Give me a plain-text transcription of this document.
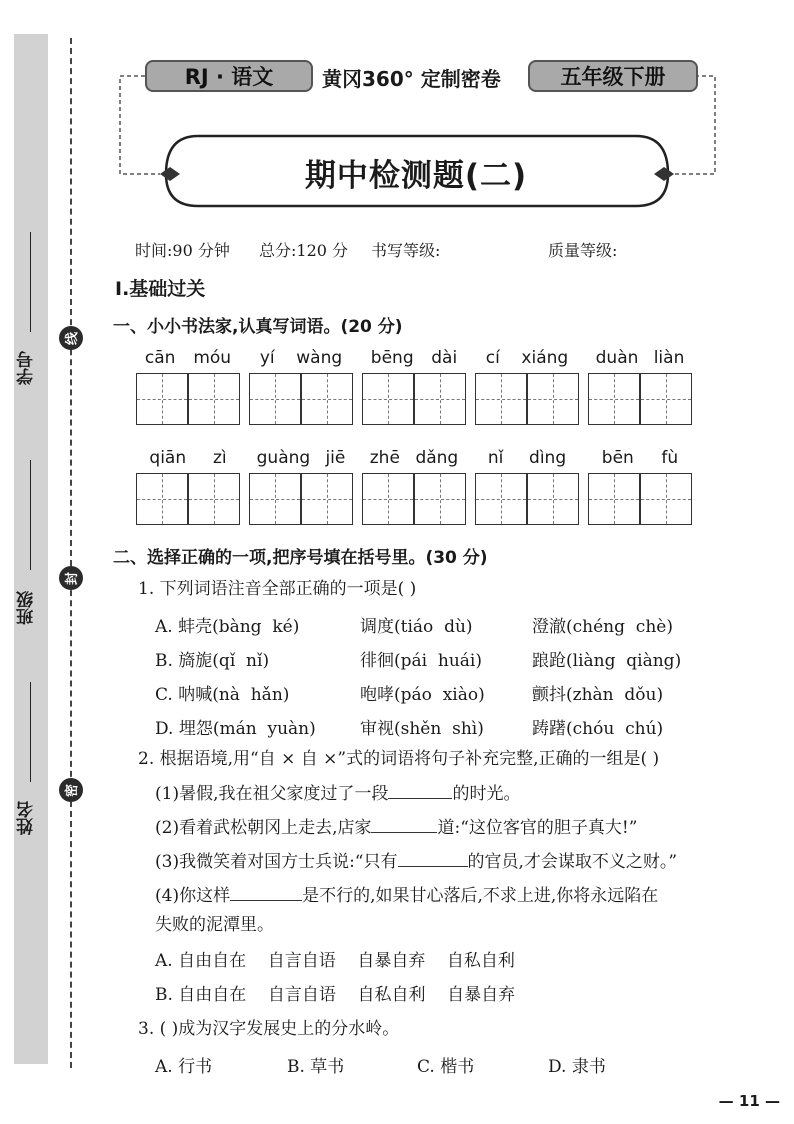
学号
班级
姓名
线
封
密
RJ · 语文	黄冈360° 定制密卷	五年级下册
期中检测题(二)
时间:90 分钟 总分:120 分 书写等级:	质量等级:
Ⅰ.基础过关
一、小小书法家,认真写词语。(20 分)
cān móu yí wàng bēng dài cí xiáng duàn liàn
qiān zì guàng jiē zhē dǎng nǐ dìng bēn fù
二、选择正确的一项,把序号填在括号里。(30 分)
1. 下列词语注音全部正确的一项是( )
A. 蚌壳(bàng  ké)	调度(tiáo  dù)	澄澈(chéng  chè)
B. 旖旎(qǐ  nǐ)	徘徊(pái  huái)	踉跄(liàng  qiàng)
C. 呐喊(nà  hǎn)	咆哮(páo  xiào)	颤抖(zhàn  dǒu)
D. 埋怨(mán  yuàn)	审视(shěn  shì)	踌躇(chóu  chú)
2. 根据语境,用“自 × 自 ×”式的词语将句子补充完整,正确的一组是( )
(1)暑假,我在祖父家度过了一段	的时光。
(2)看着武松朝冈上走去,店家	道:“这位客官的胆子真大!”
(3)我微笑着对国方士兵说:“只有	的官员,才会谋取不义之财。”
(4)你这样	是不行的,如果甘心落后,不求上进,你将永远陷在
失败的泥潭里。
A. 自由自在    自言自语    自暴自弃    自私自利
B. 自由自在    自言自语    自私自利    自暴自弃
3. ( )成为汉字发展史上的分水岭。
A. 行书	B. 草书	C. 楷书	D. 隶书
— 11 —
